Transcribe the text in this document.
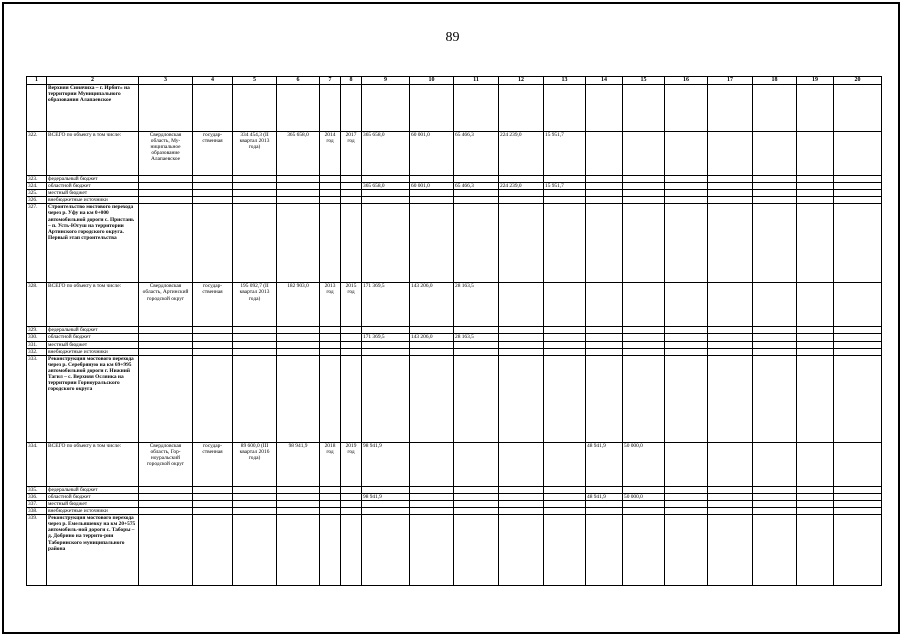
89
1	2	3	4	5	6	7	8	9	10	11	12	13	14	15	16	17	18	19	20
	Верхняя Синячиха – г. Ирбит» на территории Муниципального образования Алапаевское																		
322.	ВСЕГО по объекту в том числе:	Свердловская область, Му-ниципальное образование Алапаевское	государ-ственная	334 454,3 (II квартал 2013 года)	365 658,0	2014 год	2017 год	365 658,0	60 001,0	65 466,3	224 239,0	15 951,7							
323.	федеральный бюджет																		
324.	областной бюджет							365 658,0	60 001,0	65 466,3	224 239,0	15 951,7							
325.	местный бюджет																		
326.	внебюджетные источники																		
327.	Строительство мостового перехода через р. Уфу на км 0+000 автомобильной дороги с. Пристань – п. Усть-Югуш на территории Артинского городского округа. Первый этап строительства																		
328.	ВСЕГО по объекту в том числе:	Свердловская область, Артинский городской округ	государ-ственная	195 092,7 (II квартал 2013 года)	182 903,0	2013 год	2015 год	171 369,5	143 206,0	28 163,5									
329.	федеральный бюджет																		
330.	областной бюджет							171 369,5	143 206,0	28 163,5									
331.	местный бюджет																		
332.	внебюджетные источники																		
333.	Реконструкция мостового перехода через р. Серебряную на км 69+995 автомобильной дороги г. Нижний Тагил – с. Верхняя Ослянка на территории Горноуральского городского округа																		
334.	ВСЕГО по объекту в том числе:	Свердловская область, Гор-ноуральский городской округ	государ-ственная	89 600,0 (III квартал 2016 года)	98 941,9	2018 год	2019 год	98 941,9					48 941,9	50 000,0					
335.	федеральный бюджет																		
336.	областной бюджет							98 941,9					48 941,9	50 000,0					
337.	местный бюджет																		
338.	внебюджетные источники																		
339.	Реконструкция мостового перехода через р. Емельяшевку на км 20+575 автомобиль-ной дороги с. Таборы – д. Добрино на террито-рии Таборинского муниципального района																		
